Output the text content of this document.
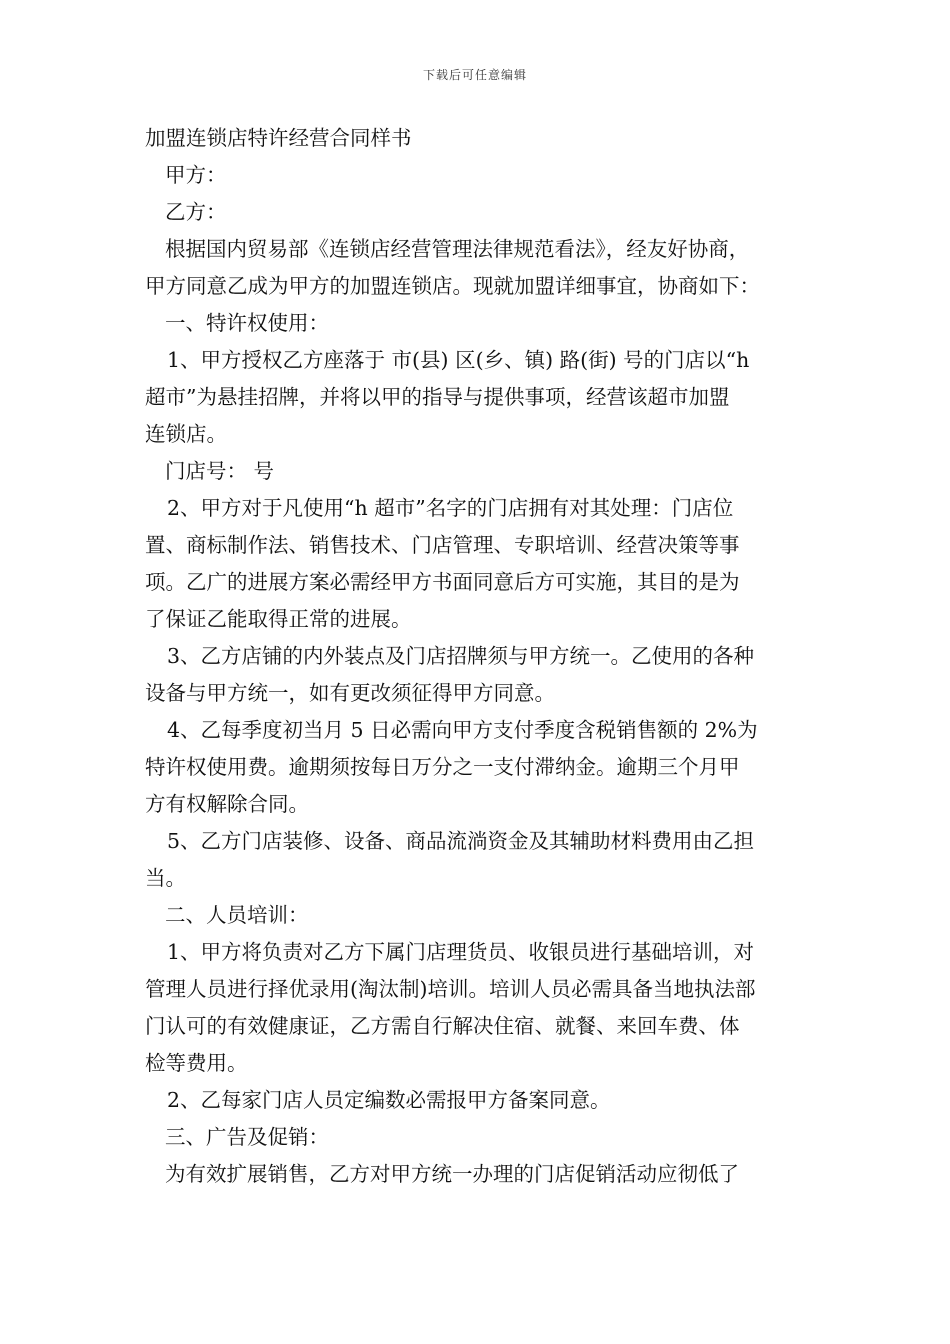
下载后可任意编辑
加盟连锁店特许经营合同样书
甲方：
乙方：
根据国内贸易部《连锁店经营管理法律规范看法》，经友好协商，
甲方同意乙成为甲方的加盟连锁店。现就加盟详细事宜，协商如下：
一、特许权使用：
1、甲方授权乙方座落于 市(县) 区(乡、镇) 路(街) 号的门店以“h
超市”为悬挂招牌，并将以甲的指导与提供事项，经营该超市加盟
连锁店。
门店号： 号
2、甲方对于凡使用“h 超市”名字的门店拥有对其处理：门店位
置、商标制作法、销售技术、门店管理、专职培训、经营决策等事
项。乙广的进展方案必需经甲方书面同意后方可实施，其目的是为
了保证乙能取得正常的进展。
3、乙方店铺的内外装点及门店招牌须与甲方统一。乙使用的各种
设备与甲方统一，如有更改须征得甲方同意。
4、乙每季度初当月 5 日必需向甲方支付季度含税销售额的 2%为
特许权使用费。逾期须按每日万分之一支付滞纳金。逾期三个月甲
方有权解除合同。
5、乙方门店装修、设备、商品流淌资金及其辅助材料费用由乙担
当。
二、人员培训：
1、甲方将负责对乙方下属门店理货员、收银员进行基础培训，对
管理人员进行择优录用(淘汰制)培训。培训人员必需具备当地执法部
门认可的有效健康证，乙方需自行解决住宿、就餐、来回车费、体
检等费用。
2、乙每家门店人员定编数必需报甲方备案同意。
三、广告及促销：
为有效扩展销售，乙方对甲方统一办理的门店促销活动应彻低了
